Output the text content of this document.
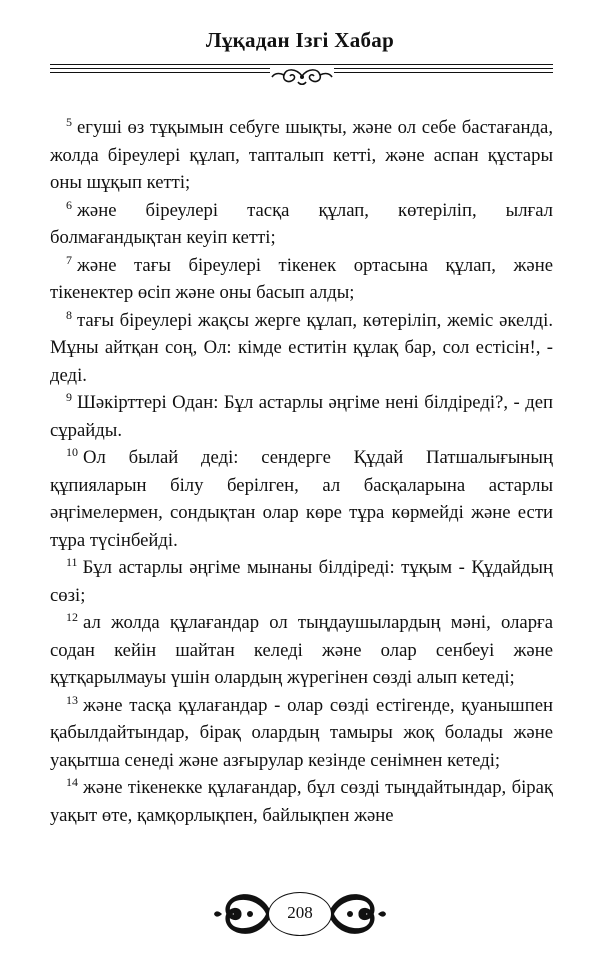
Лұқадан Ізгі Хабар

$^5$ егуші өз тұқымын себуге шықты, және ол себе бастағанда, жолда біреулері құлап, тапталып кетті, және аспан құстары оны шұқып кетті;

$^6$ және біреулері тасқа құлап, көтеріліп, ылғал болмағандықтан кеуіп кетті;

$^7$ және тағы біреулері тікенек ортасына құлап, және тікенектер өсіп және оны басып алды;

$^8$ тағы біреулері жақсы жерге құлап, көтеріліп, жеміс әкелді. Мұны айтқан соң, Ол: кімде еститін құлақ бар, сол естісін!, - деді.

$^9$ Шәкірттері Одан: Бұл астарлы әңгіме нені білдіреді?, - деп сұрайды.

$^{10}$ Ол былай деді: сендерге Құдай Патшалығының құпияларын білу берілген, ал басқаларына астарлы әңгімелермен, сондықтан олар көре тұра көрмейді және ести тұра түсінбейді.

$^{11}$ Бұл астарлы әңгіме мынаны білдіреді: тұқым - Құдайдың сөзі;

$^{12}$ ал жолда құлағандар ол тыңдаушылардың мәні, оларға содан кейін шайтан келеді және олар сенбеуі және құтқарылмауы үшін олардың жүрегінен сөзді алып кетеді;

$^{13}$ және тасқа құлағандар - олар сөзді естігенде, қуанышпен қабылдайтындар, бірақ олардың тамыры жоқ болады және уақытша сенеді және азғырулар кезінде сенімнен кетеді;

$^{14}$ және тікенекке құлағандар, бұл сөзді тыңдайтындар, бірақ уақыт өте, қамқорлықпен, байлықпен және

208
